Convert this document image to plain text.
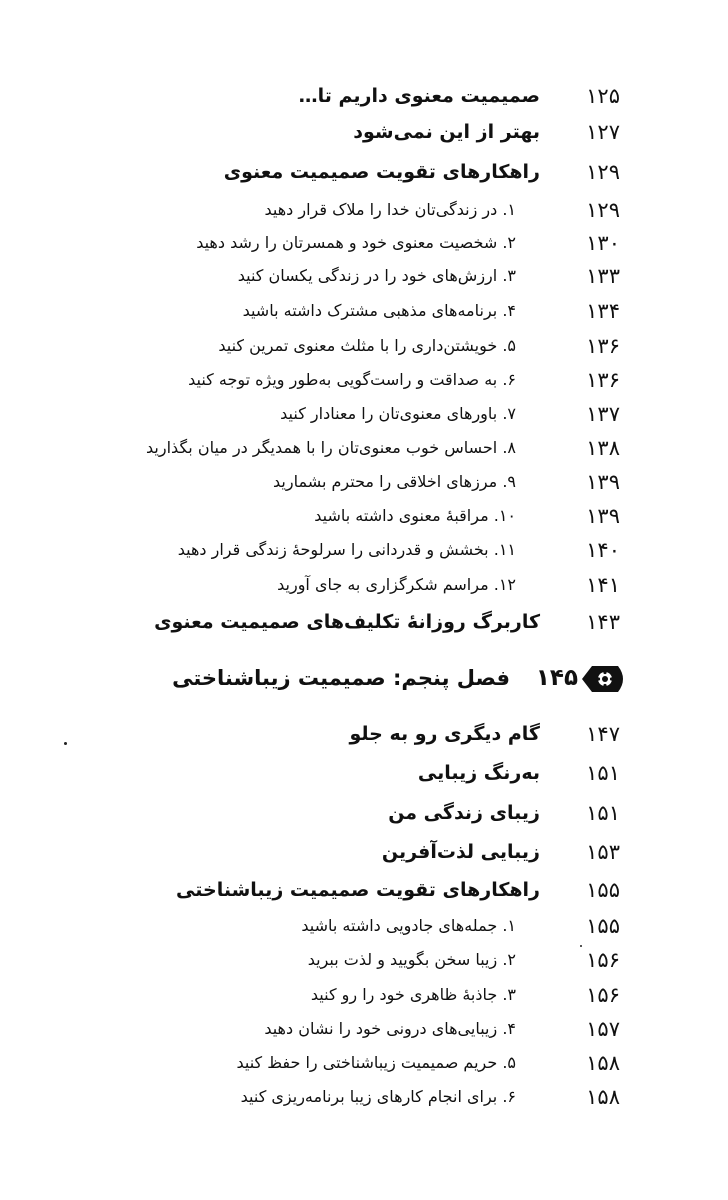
۱۲۵
صمیمیت معنوی داریم تا…
۱۲۷
بهتر از این نمی‌شود
۱۲۹
راهکارهای تقویت صمیمیت معنوی
۱۲۹
۱. در زندگی‌تان خدا را ملاک قرار دهید
۱۳۰
۲. شخصیت معنوی خود و همسرتان را رشد دهید
۱۳۳
۳. ارزش‌های خود را در زندگی یکسان کنید
۱۳۴
۴. برنامه‌های مذهبی مشترک داشته باشید
۱۳۶
۵. خویشتن‌داری را با مثلث معنوی تمرین کنید
۱۳۶
۶. به صداقت و راست‌گویی به‌طور ویژه توجه کنید
۱۳۷
۷. باورهای معنوی‌تان را معنادار کنید
۱۳۸
۸. احساس خوب معنوی‌تان را با همدیگر در میان بگذارید
۱۳۹
۹. مرزهای اخلاقی را محترم بشمارید
۱۳۹
۱۰. مراقبهٔ معنوی داشته باشید
۱۴۰
۱۱. بخشش و قدردانی را سرلوحهٔ زندگی قرار دهید
۱۴۱
۱۲. مراسم شکرگزاری به جای آورید
۱۴۳
کاربرگ روزانهٔ تکلیف‌های صمیمیت معنوی
۱۴۵
فصل پنجم: صمیمیت زیباشناختی
۱۴۷
گام دیگری رو به جلو
۱۵۱
به‌رنگ زیبایی
۱۵۱
زیبای زندگی من
۱۵۳
زیبایی لذت‌آفرین
۱۵۵
راهکارهای تقویت صمیمیت زیباشناختی
۱۵۵
۱. جمله‌های جادویی داشته باشید
۱۵۶
۲. زیبا سخن بگویید و لذت ببرید
۱۵۶
۳. جاذبهٔ ظاهری خود را رو کنید
۱۵۷
۴. زیبایی‌های درونی خود را نشان دهید
۱۵۸
۵. حریم صمیمیت زیباشناختی را حفظ کنید
۱۵۸
۶. برای انجام کارهای زیبا برنامه‌ریزی کنید
